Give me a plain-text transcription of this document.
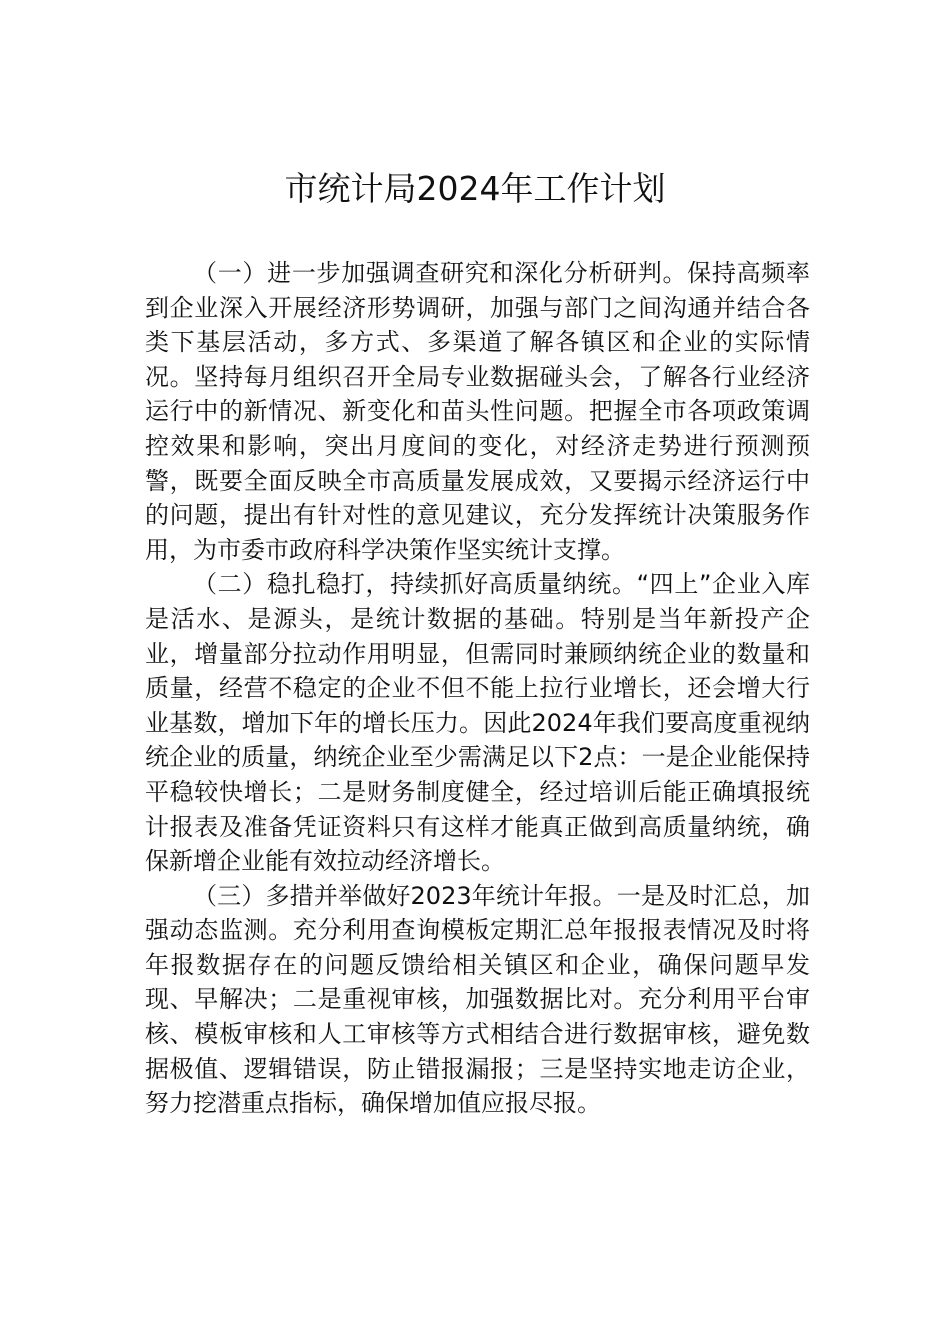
市统计局2024年工作计划

（一）进一步加强调查研究和深化分析研判。保持高频率到企业深入开展经济形势调研，加强与部门之间沟通并结合各类下基层活动，多方式、多渠道了解各镇区和企业的实际情况。坚持每月组织召开全局专业数据碰头会，了解各行业经济运行中的新情况、新变化和苗头性问题。把握全市各项政策调控效果和影响，突出月度间的变化，对经济走势进行预测预警，既要全面反映全市高质量发展成效，又要揭示经济运行中的问题，提出有针对性的意见建议，充分发挥统计决策服务作用，为市委市政府科学决策作坚实统计支撑。

（二）稳扎稳打，持续抓好高质量纳统。“四上”企业入库是活水、是源头，是统计数据的基础。特别是当年新投产企业，增量部分拉动作用明显，但需同时兼顾纳统企业的数量和质量，经营不稳定的企业不但不能上拉行业增长，还会增大行业基数，增加下年的增长压力。因此2024年我们要高度重视纳统企业的质量，纳统企业至少需满足以下2点：一是企业能保持平稳较快增长；二是财务制度健全，经过培训后能正确填报统计报表及准备凭证资料只有这样才能真正做到高质量纳统，确保新增企业能有效拉动经济增长。

（三）多措并举做好2023年统计年报。一是及时汇总，加强动态监测。充分利用查询模板定期汇总年报报表情况及时将年报数据存在的问题反馈给相关镇区和企业，确保问题早发现、早解决；二是重视审核，加强数据比对。充分利用平台审核、模板审核和人工审核等方式相结合进行数据审核，避免数据极值、逻辑错误，防止错报漏报；三是坚持实地走访企业，努力挖潜重点指标，确保增加值应报尽报。
